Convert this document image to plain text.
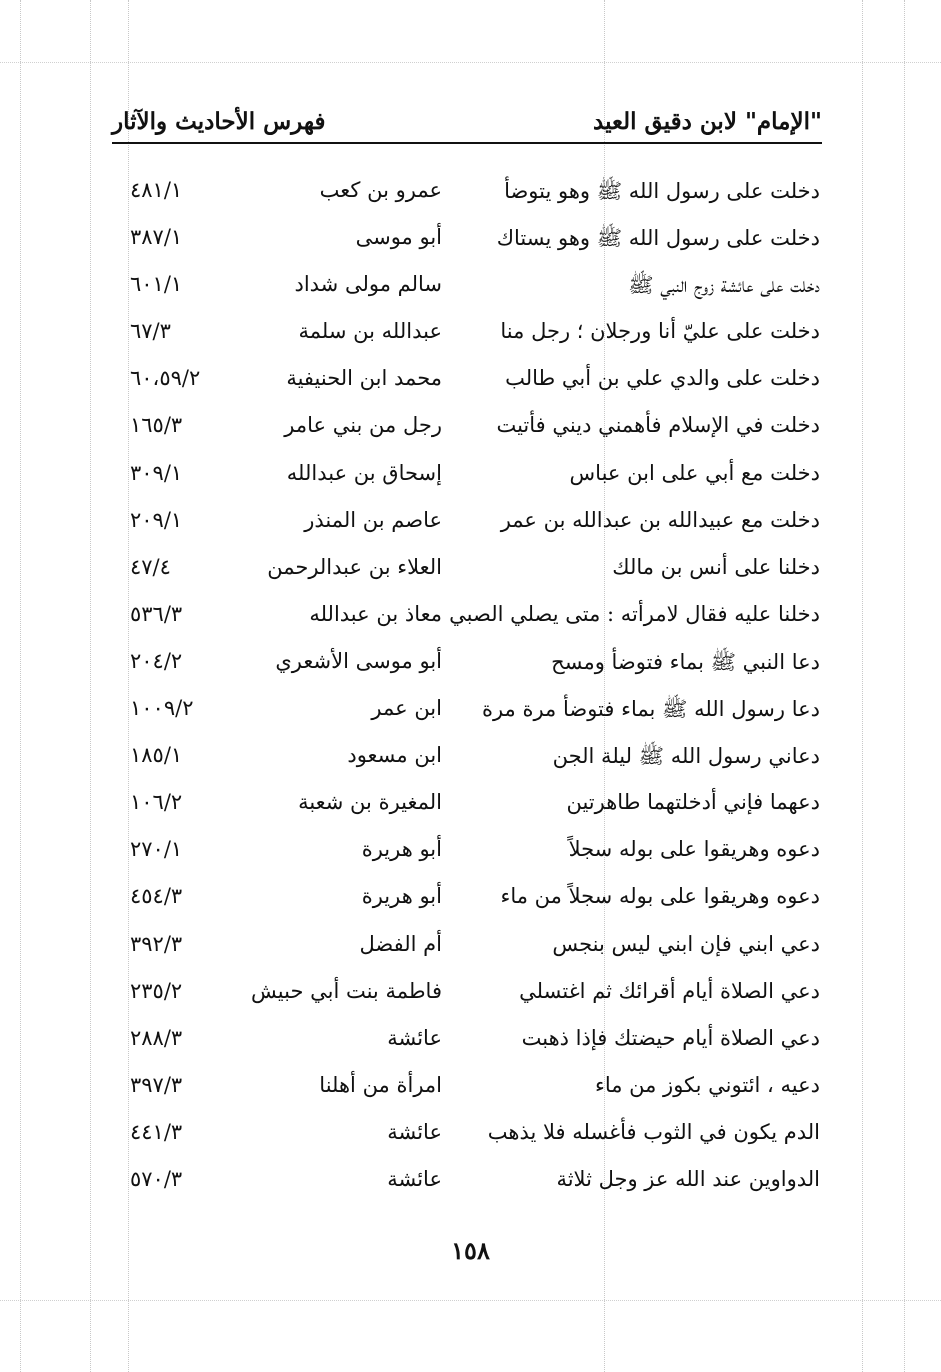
"الإمام" لابن دقيق العيد
فهرس الأحاديث والآثار
دخلت على رسول الله ﷺ وهو يتوضأ
عمرو بن كعب
٤٨١/١
دخلت على رسول الله ﷺ وهو يستاك
أبو موسى
٣٨٧/١
دخلت على عائشة زوج النبي ﷺ
سالم مولى شداد
٦٠١/١
دخلت على عليّ أنا ورجلان ؛ رجل منا
عبدالله بن سلمة
٦٧/٣
دخلت على والدي علي بن أبي طالب
محمد ابن الحنيفية
٦٠،٥٩/٢
دخلت في الإسلام فأهمني ديني فأتيت
رجل من بني عامر
١٦٥/٣
دخلت مع أبي على ابن عباس
إسحاق بن عبدالله
٣٠٩/١
دخلت مع عبيدالله بن عبدالله بن عمر
عاصم بن المنذر
٢٠٩/١
دخلنا على أنس بن مالك
العلاء بن عبدالرحمن
٤٧/٤
دخلنا عليه فقال لامرأته : متى يصلي الصبي
معاذ بن عبدالله
٥٣٦/٣
دعا النبي ﷺ بماء فتوضأ ومسح
أبو موسى الأشعري
٢٠٤/٢
دعا رسول الله ﷺ بماء فتوضأ مرة مرة
ابن عمر
١٠٠٩/٢
دعاني رسول الله ﷺ ليلة الجن
ابن مسعود
١٨٥/١
دعهما فإني أدخلتهما طاهرتين
المغيرة بن شعبة
١٠٦/٢
دعوه وهريقوا على بوله سجلاً
أبو هريرة
٢٧٠/١
دعوه وهريقوا على بوله سجلاً من ماء
أبو هريرة
٤٥٤/٣
دعي ابني فإن ابني ليس بنجس
أم الفضل
٣٩٢/٣
دعي الصلاة أيام أقرائك ثم اغتسلي
فاطمة بنت أبي حبيش
٢٣٥/٢
دعي الصلاة أيام حيضتك فإذا ذهبت
عائشة
٢٨٨/٣
دعيه ، ائتوني بكوز من ماء
امرأة من أهلنا
٣٩٧/٣
الدم يكون في الثوب فأغسله فلا يذهب
عائشة
٤٤١/٣
الدواوين عند الله عز وجل ثلاثة
عائشة
٥٧٠/٣
١٥٨
